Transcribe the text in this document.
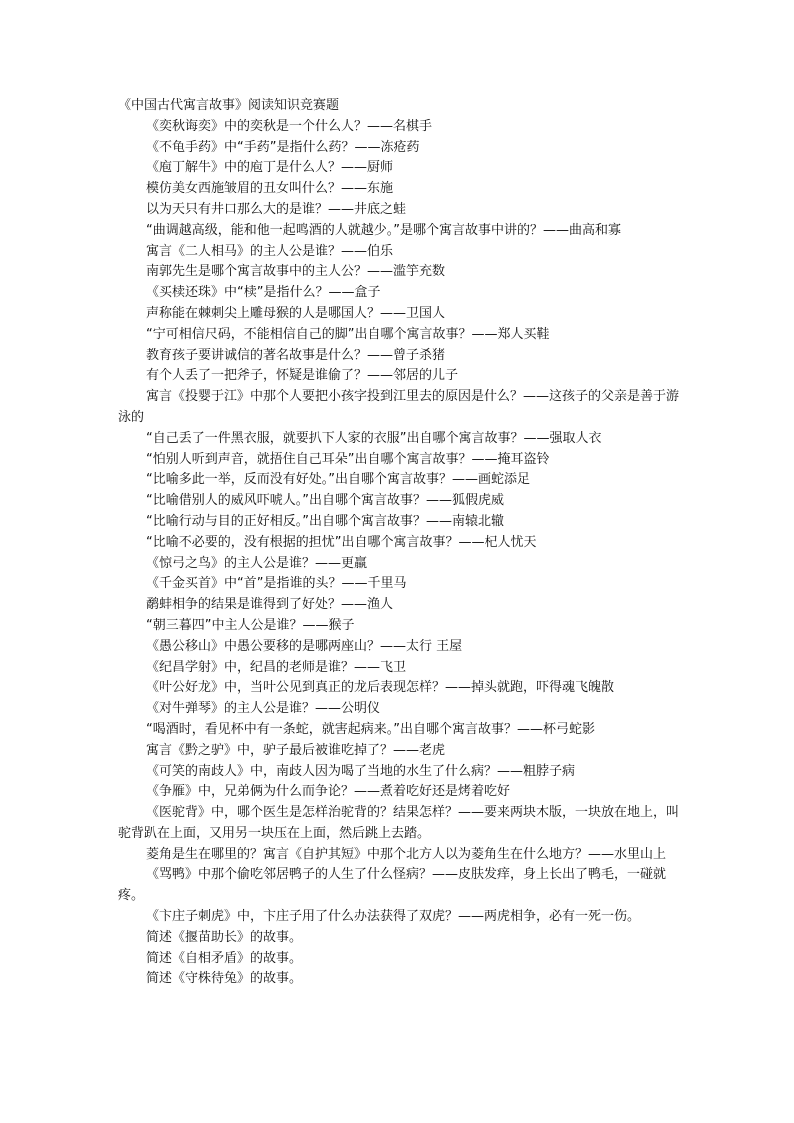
《中国古代寓言故事》阅读知识竞赛题
《奕秋诲奕》中的奕秋是一个什么人？——名棋手
《不龟手药》中“手药”是指什么药？——冻疮药
《庖丁解牛》中的庖丁是什么人？——厨师
模仿美女西施皱眉的丑女叫什么？——东施
以为天只有井口那么大的是谁？——井底之蛙
“曲调越高级，能和他一起鸣酒的人就越少。”是哪个寓言故事中讲的？——曲高和寡
寓言《二人相马》的主人公是谁？——伯乐
南郭先生是哪个寓言故事中的主人公？——滥竽充数
《买椟还珠》中“椟”是指什么？——盒子
声称能在棘刺尖上雕母猴的人是哪国人？——卫国人
“宁可相信尺码，不能相信自己的脚”出自哪个寓言故事？——郑人买鞋
教育孩子要讲诚信的著名故事是什么？——曾子杀猪
有个人丢了一把斧子，怀疑是谁偷了？——邻居的儿子
寓言《投婴于江》中那个人要把小孩字投到江里去的原因是什么？——这孩子的父亲是善于游泳的
“自己丢了一件黑衣服，就要扒下人家的衣服”出自哪个寓言故事？——强取人衣
“怕别人听到声音，就捂住自己耳朵”出自哪个寓言故事？——掩耳盗铃
“比喻多此一举，反而没有好处。”出自哪个寓言故事？——画蛇添足
“比喻借别人的威风吓唬人。”出自哪个寓言故事？——狐假虎威
“比喻行动与目的正好相反。”出自哪个寓言故事？——南辕北辙
“比喻不必要的，没有根据的担忧”出自哪个寓言故事？——杞人忧天
《惊弓之鸟》的主人公是谁？——更羸
《千金买首》中“首”是指谁的头？——千里马
鹬蚌相争的结果是谁得到了好处？——渔人
“朝三暮四”中主人公是谁？——猴子
《愚公移山》中愚公要移的是哪两座山？——太行 王屋
《纪昌学射》中，纪昌的老师是谁？——飞卫
《叶公好龙》中，当叶公见到真正的龙后表现怎样？——掉头就跑，吓得魂飞魄散
《对牛弹琴》的主人公是谁？——公明仪
“喝酒时，看见杯中有一条蛇，就害起病来。”出自哪个寓言故事？——杯弓蛇影
寓言《黔之驴》中，驴子最后被谁吃掉了？——老虎
《可笑的南歧人》中，南歧人因为喝了当地的水生了什么病？——粗脖子病
《争雁》中，兄弟俩为什么而争论？——煮着吃好还是烤着吃好
《医驼背》中，哪个医生是怎样治驼背的？结果怎样？——要来两块木版，一块放在地上，叫驼背趴在上面，又用另一块压在上面，然后跳上去踏。
菱角是生在哪里的？寓言《自护其短》中那个北方人以为菱角生在什么地方？——水里山上
《骂鸭》中那个偷吃邻居鸭子的人生了什么怪病？——皮肤发痒，身上长出了鸭毛，一碰就疼。
《卞庄子刺虎》中，卞庄子用了什么办法获得了双虎？——两虎相争，必有一死一伤。
简述《揠苗助长》的故事。
简述《自相矛盾》的故事。
简述《守株待兔》的故事。
